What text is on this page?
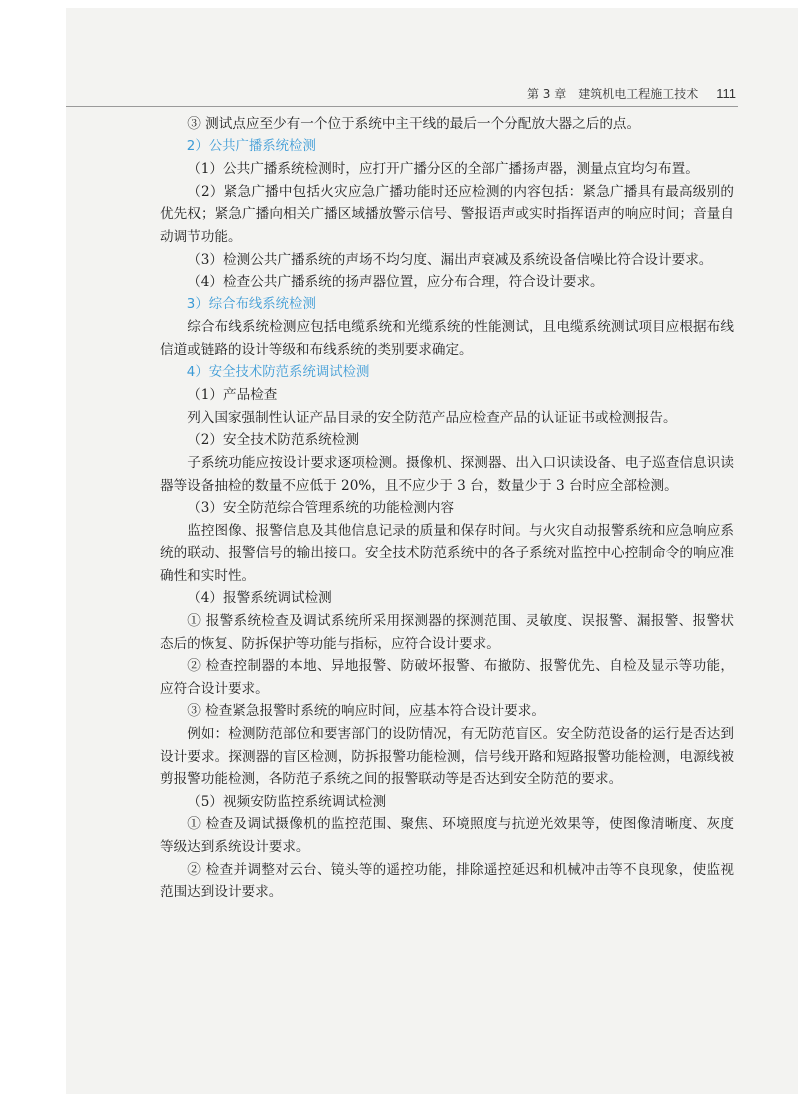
第 3 章　建筑机电工程施工技术 111

③ 测试点应至少有一个位于系统中主干线的最后一个分配放大器之后的点。

2）公共广播系统检测

（1）公共广播系统检测时，应打开广播分区的全部广播扬声器，测量点宜均匀布置。

（2）紧急广播中包括火灾应急广播功能时还应检测的内容包括：紧急广播具有最高级别的优先权；紧急广播向相关广播区域播放警示信号、警报语声或实时指挥语声的响应时间；音量自动调节功能。

（3）检测公共广播系统的声场不均匀度、漏出声衰减及系统设备信噪比符合设计要求。

（4）检查公共广播系统的扬声器位置，应分布合理，符合设计要求。

3）综合布线系统检测

综合布线系统检测应包括电缆系统和光缆系统的性能测试，且电缆系统测试项目应根据布线信道或链路的设计等级和布线系统的类别要求确定。

4）安全技术防范系统调试检测

（1）产品检查

列入国家强制性认证产品目录的安全防范产品应检查产品的认证证书或检测报告。

（2）安全技术防范系统检测

子系统功能应按设计要求逐项检测。摄像机、探测器、出入口识读设备、电子巡查信息识读器等设备抽检的数量不应低于 20%，且不应少于 3 台，数量少于 3 台时应全部检测。

（3）安全防范综合管理系统的功能检测内容

监控图像、报警信息及其他信息记录的质量和保存时间。与火灾自动报警系统和应急响应系统的联动、报警信号的输出接口。安全技术防范系统中的各子系统对监控中心控制命令的响应准确性和实时性。

（4）报警系统调试检测

① 报警系统检查及调试系统所采用探测器的探测范围、灵敏度、误报警、漏报警、报警状态后的恢复、防拆保护等功能与指标，应符合设计要求。

② 检查控制器的本地、异地报警、防破坏报警、布撤防、报警优先、自检及显示等功能，应符合设计要求。

③ 检查紧急报警时系统的响应时间，应基本符合设计要求。

例如：检测防范部位和要害部门的设防情况，有无防范盲区。安全防范设备的运行是否达到设计要求。探测器的盲区检测，防拆报警功能检测，信号线开路和短路报警功能检测，电源线被剪报警功能检测，各防范子系统之间的报警联动等是否达到安全防范的要求。

（5）视频安防监控系统调试检测

① 检查及调试摄像机的监控范围、聚焦、环境照度与抗逆光效果等，使图像清晰度、灰度等级达到系统设计要求。

② 检查并调整对云台、镜头等的遥控功能，排除遥控延迟和机械冲击等不良现象，使监视范围达到设计要求。
